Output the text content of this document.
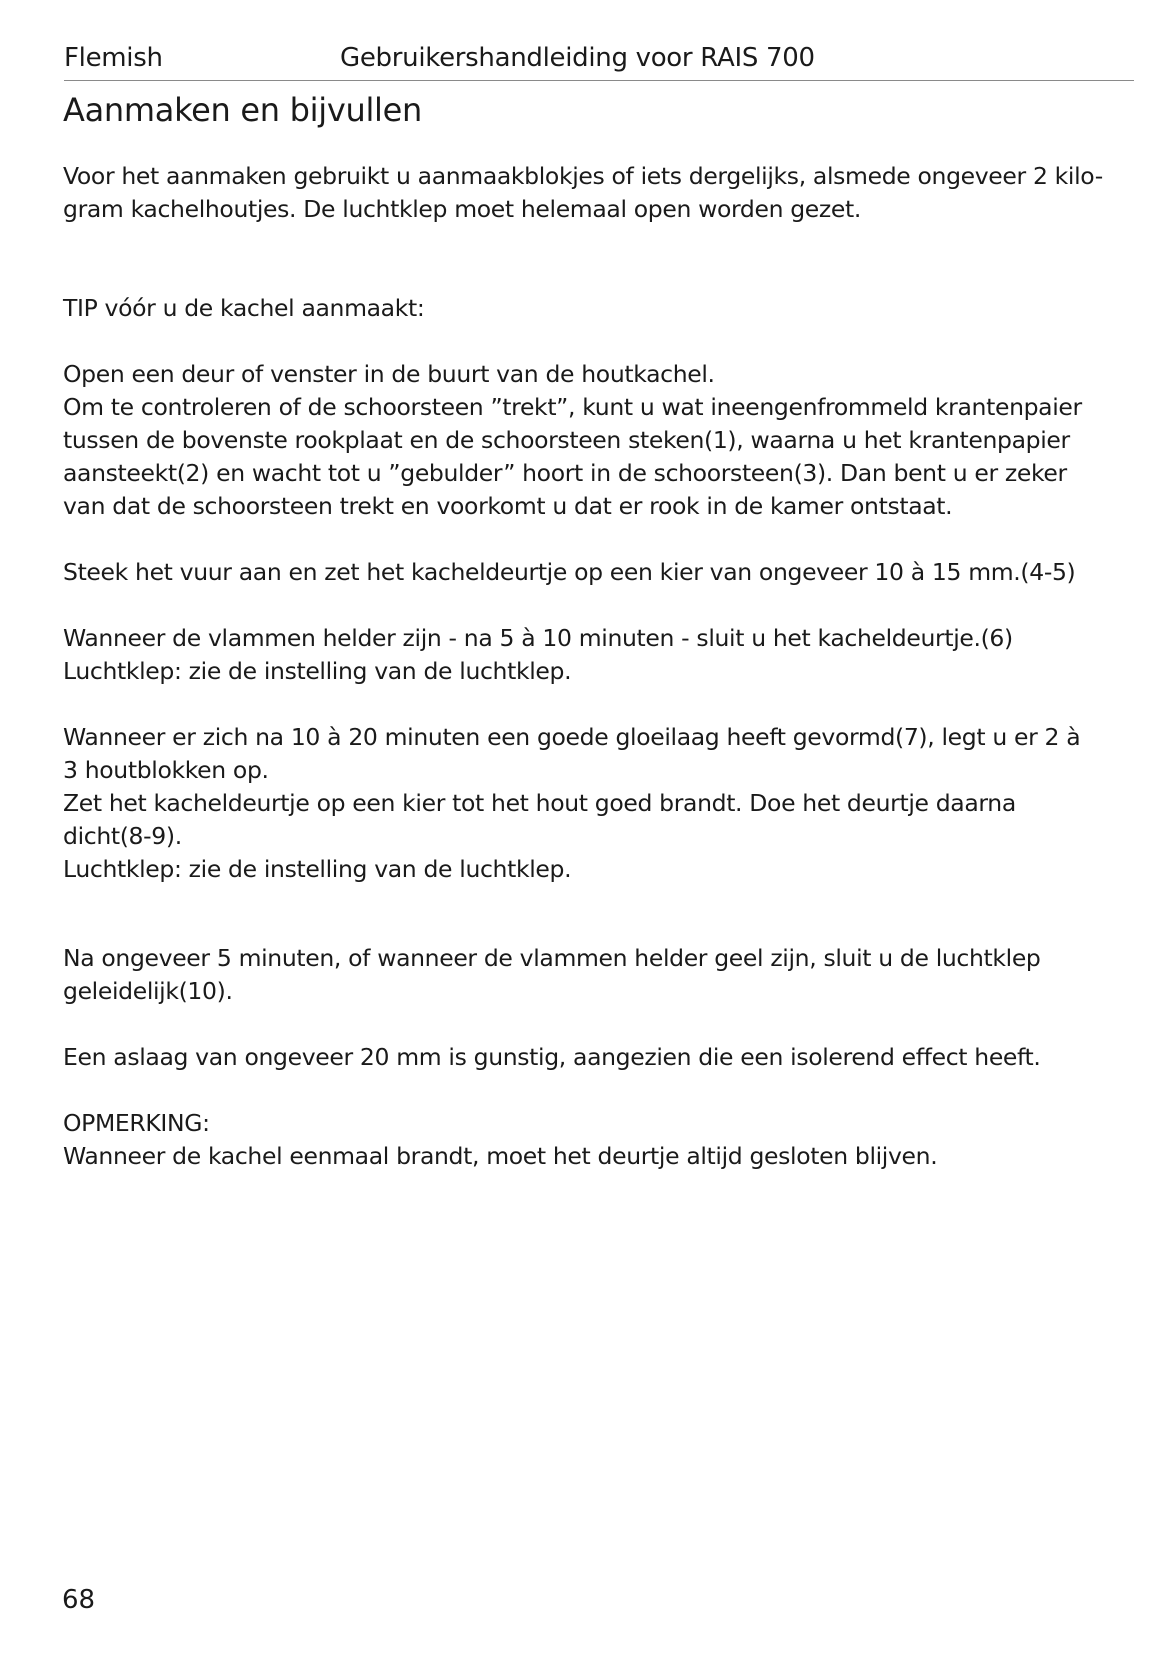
Flemish	Gebruikershandleiding voor RAIS 700
Aanmaken en bijvullen

Voor het aanmaken gebruikt u aanmaakblokjes of iets dergelijks, alsmede ongeveer 2 kilo-

gram kachelhoutjes. De luchtklep moet helemaal open worden gezet.

TIP vóór u de kachel aanmaakt:

Open een deur of venster in de buurt van de houtkachel.

Om te controleren of de schoorsteen ”trekt”, kunt u wat ineengenfrommeld krantenpaier

tussen de bovenste rookplaat en de schoorsteen steken(1), waarna u het krantenpapier

aansteekt(2) en wacht tot u ”gebulder” hoort in de schoorsteen(3). Dan bent u er zeker

van dat de schoorsteen trekt en voorkomt u dat er rook in de kamer ontstaat.

Steek het vuur aan en zet het kacheldeurtje op een kier van ongeveer 10 à 15 mm.(4-5)

Wanneer de vlammen helder zijn - na 5 à 10 minuten - sluit u het kacheldeurtje.(6)

Luchtklep: zie de instelling van de luchtklep.

Wanneer er zich na 10 à 20 minuten een goede gloeilaag heeft gevormd(7), legt u er 2 à

3 houtblokken op.

Zet het kacheldeurtje op een kier tot het hout goed brandt. Doe het deurtje daarna

dicht(8-9).

Luchtklep: zie de instelling van de luchtklep.

Na ongeveer 5 minuten, of wanneer de vlammen helder geel zijn, sluit u de luchtklep

geleidelijk(10).

Een aslaag van ongeveer 20 mm is gunstig, aangezien die een isolerend effect heeft.

OPMERKING:

Wanneer de kachel eenmaal brandt, moet het deurtje altijd gesloten blijven.

68
